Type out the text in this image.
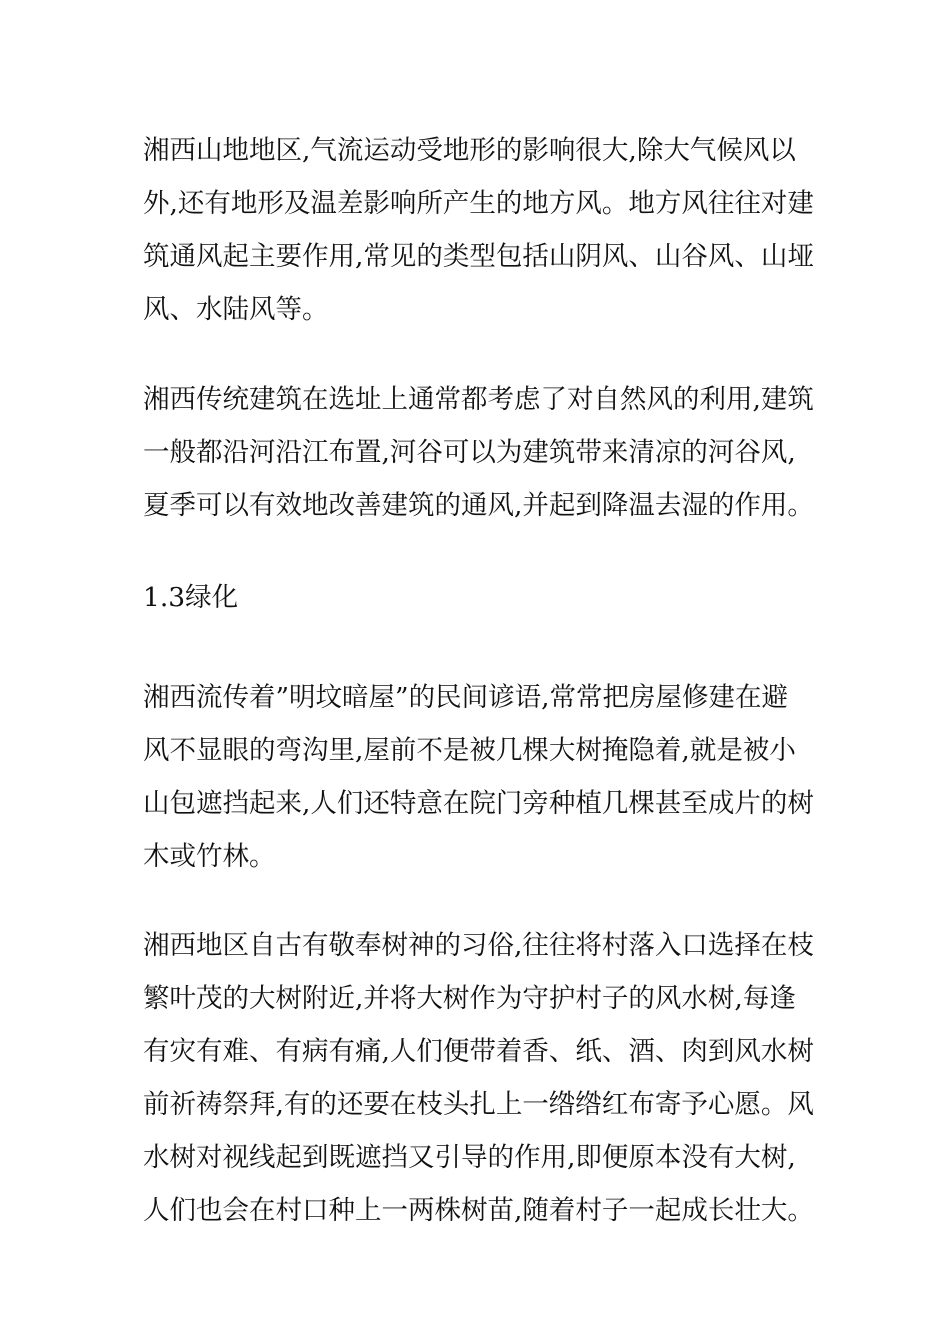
湘西山地地区,气流运动受地形的影响很大,除大气候风以
外,还有地形及温差影响所产生的地方风。地方风往往对建
筑通风起主要作用,常见的类型包括山阴风、山谷风、山垭
风、水陆风等。

湘西传统建筑在选址上通常都考虑了对自然风的利用,建筑
一般都沿河沿江布置,河谷可以为建筑带来清凉的河谷风,
夏季可以有效地改善建筑的通风,并起到降温去湿的作用。

1.3绿化

湘西流传着”明坟暗屋”的民间谚语,常常把房屋修建在避
风不显眼的弯沟里,屋前不是被几棵大树掩隐着,就是被小
山包遮挡起来,人们还特意在院门旁种植几棵甚至成片的树
木或竹林。

湘西地区自古有敬奉树神的习俗,往往将村落入口选择在枝
繁叶茂的大树附近,并将大树作为守护村子的风水树,每逢
有灾有难、有病有痛,人们便带着香、纸、酒、肉到风水树
前祈祷祭拜,有的还要在枝头扎上一绺绺红布寄予心愿。风
水树对视线起到既遮挡又引导的作用,即便原本没有大树,
人们也会在村口种上一两株树苗,随着村子一起成长壮大。
